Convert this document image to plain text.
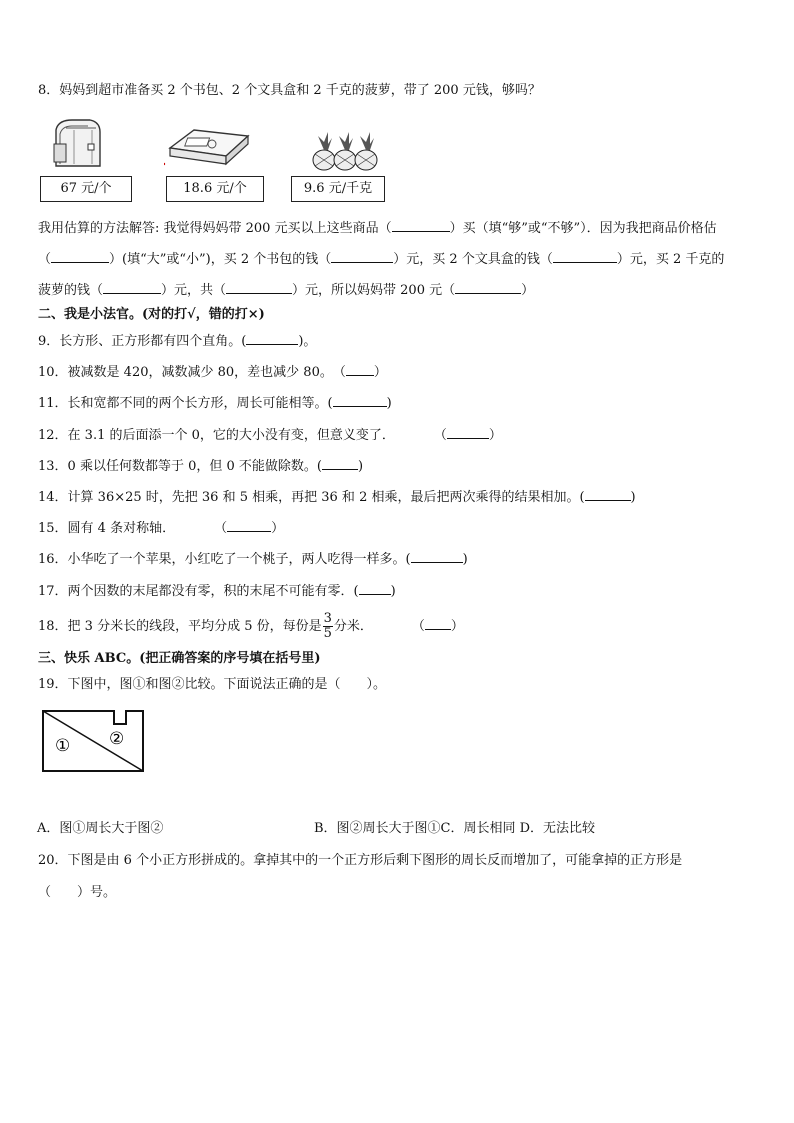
8．妈妈到超市准备买 2 个书包、2 个文具盒和 2 千克的菠萝，带了 200 元钱，够吗？
67 元/个	18.6 元/个	9.6 元/千克
我用估算的方法解答: 我觉得妈妈带 200 元买以上这些商品（	）买（填“够”或“不够”）．因为我把商品价格估
（	）(填“大”或“小”)，买 2 个书包的钱（	）元，买 2 个文具盒的钱（	）元，买 2 千克的
菠萝的钱（	）元，共（	）元，所以妈妈带 200 元（	）
二、我是小法官。(对的打√，错的打×)
9．长方形、正方形都有四个直角。(	)。
10．被减数是 420，减数减少 80，差也减少 80。　（ ）
11．长和宽都不同的两个长方形，周长可能相等。(	)
12．在 3.1 的后面添一个 0，它的大小没有变，但意义变了．　　　　（	）
13．0 乘以任何数都等于 0，但 0 不能做除数。(	)
14．计算 36×25 时，先把 36 和 5 相乘，再把 36 和 2 相乘，最后把两次乘得的结果相加。(	)
15．圆有 4 条对称轴．　　　　（	）
16．小华吃了一个苹果，小红吃了一个桃子，两人吃得一样多。(	)
17．两个因数的末尾都没有零，积的末尾不可能有零．( )
18．把 3 分米长的线段，平均分成 5 份，每份是 $\frac{3}{5}$ 分米．　　　　（ ）
三、快乐 ABC。(把正确答案的序号填在括号里)
19．下图中，图①和图②比较。下面说法正确的是（　　）。
① ②
A．图①周长大于图②	B．图②周长大于图①C．周长相同 D．无法比较
20．下图是由 6 个小正方形拼成的。拿掉其中的一个正方形后剩下图形的周长反而增加了，可能拿掉的正方形是
（　　）号。
